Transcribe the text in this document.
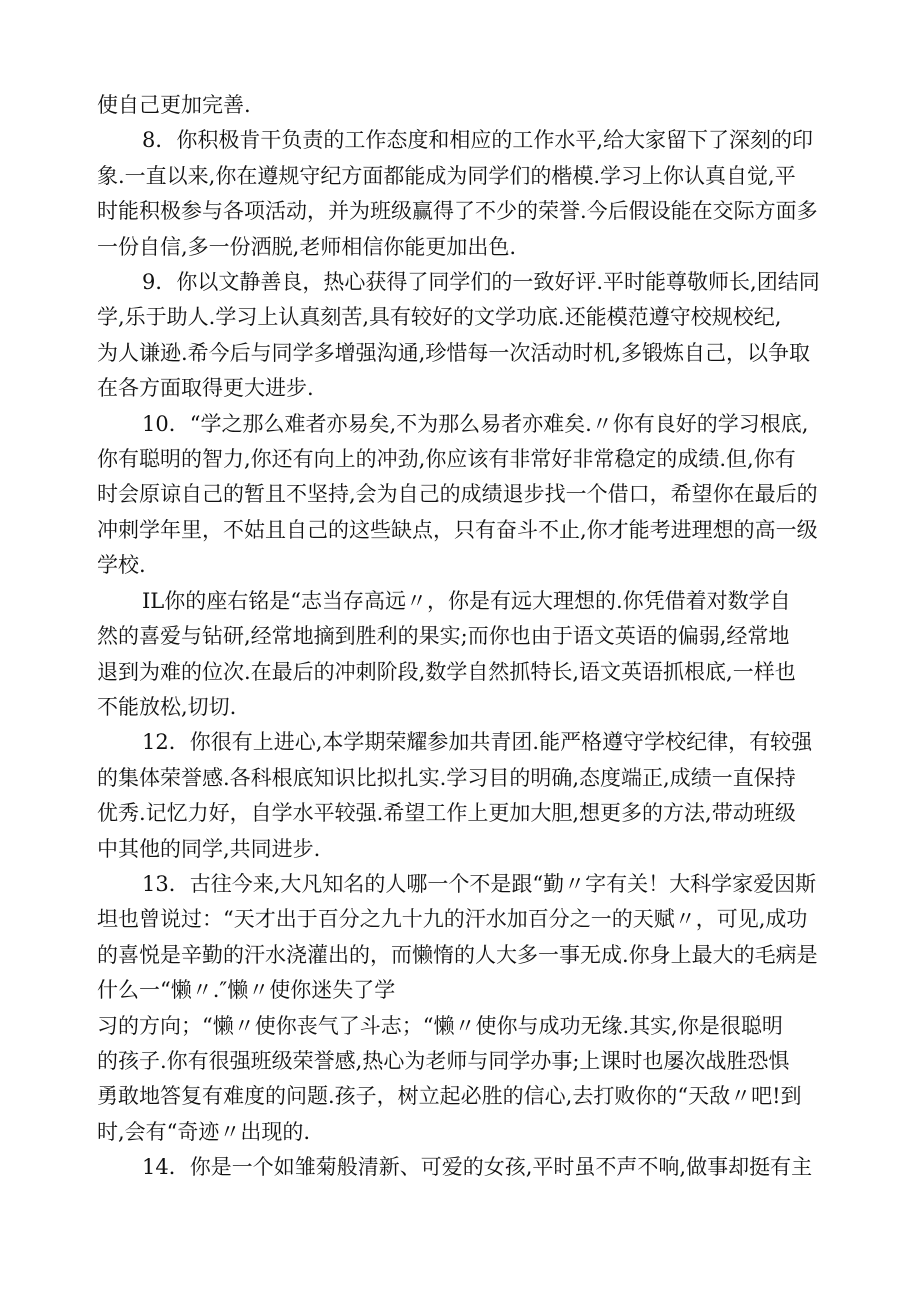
使自己更加完善.

8．你积极肯干负责的工作态度和相应的工作水平,给大家留下了深刻的印
象.一直以来,你在遵规守纪方面都能成为同学们的楷模.学习上你认真自觉,平
时能积极参与各项活动，并为班级赢得了不少的荣誉.今后假设能在交际方面多
一份自信,多一份洒脱,老师相信你能更加出色.

9．你以文静善良，热心获得了同学们的一致好评.平时能尊敬师长,团结同
学,乐于助人.学习上认真刻苦,具有较好的文学功底.还能模范遵守校规校纪,
为人谦逊.希今后与同学多增强沟通,珍惜每一次活动时机,多锻炼自己，以争取
在各方面取得更大进步.

10．“学之那么难者亦易矣,不为那么易者亦难矣.〃你有良好的学习根底,
你有聪明的智力,你还有向上的冲劲,你应该有非常好非常稳定的成绩.但,你有
时会原谅自己的暂且不坚持,会为自己的成绩退步找一个借口，希望你在最后的
冲刺学年里，不姑且自己的这些缺点，只有奋斗不止,你才能考进理想的高一级
学校.

IL你的座右铭是“志当存高远〃，你是有远大理想的.你凭借着对数学自
然的喜爱与钻研,经常地摘到胜利的果实;而你也由于语文英语的偏弱,经常地
退到为难的位次.在最后的冲刺阶段,数学自然抓特长,语文英语抓根底,一样也
不能放松,切切.

12．你很有上进心,本学期荣耀参加共青团.能严格遵守学校纪律，有较强
的集体荣誉感.各科根底知识比拟扎实.学习目的明确,态度端正,成绩一直保持
优秀.记忆力好，自学水平较强.希望工作上更加大胆,想更多的方法,带动班级
中其他的同学,共同进步.

13．古往今来,大凡知名的人哪一个不是跟“勤〃字有关！大科学家爱因斯
坦也曾说过：“天才出于百分之九十九的汗水加百分之一的天赋〃，可见,成功
的喜悦是辛勤的汗水浇灌出的，而懒惰的人大多一事无成.你身上最大的毛病是
什么一“懒〃.″懒〃使你迷失了学

习的方向；“懒〃使你丧气了斗志；“懒〃使你与成功无缘.其实,你是很聪明
的孩子.你有很强班级荣誉感,热心为老师与同学办事;上课时也屡次战胜恐惧
勇敢地答复有难度的问题.孩子，树立起必胜的信心,去打败你的“天敌〃吧!到
时,会有“奇迹〃出现的.

14．你是一个如雏菊般清新、可爱的女孩,平时虽不声不响,做事却挺有主
